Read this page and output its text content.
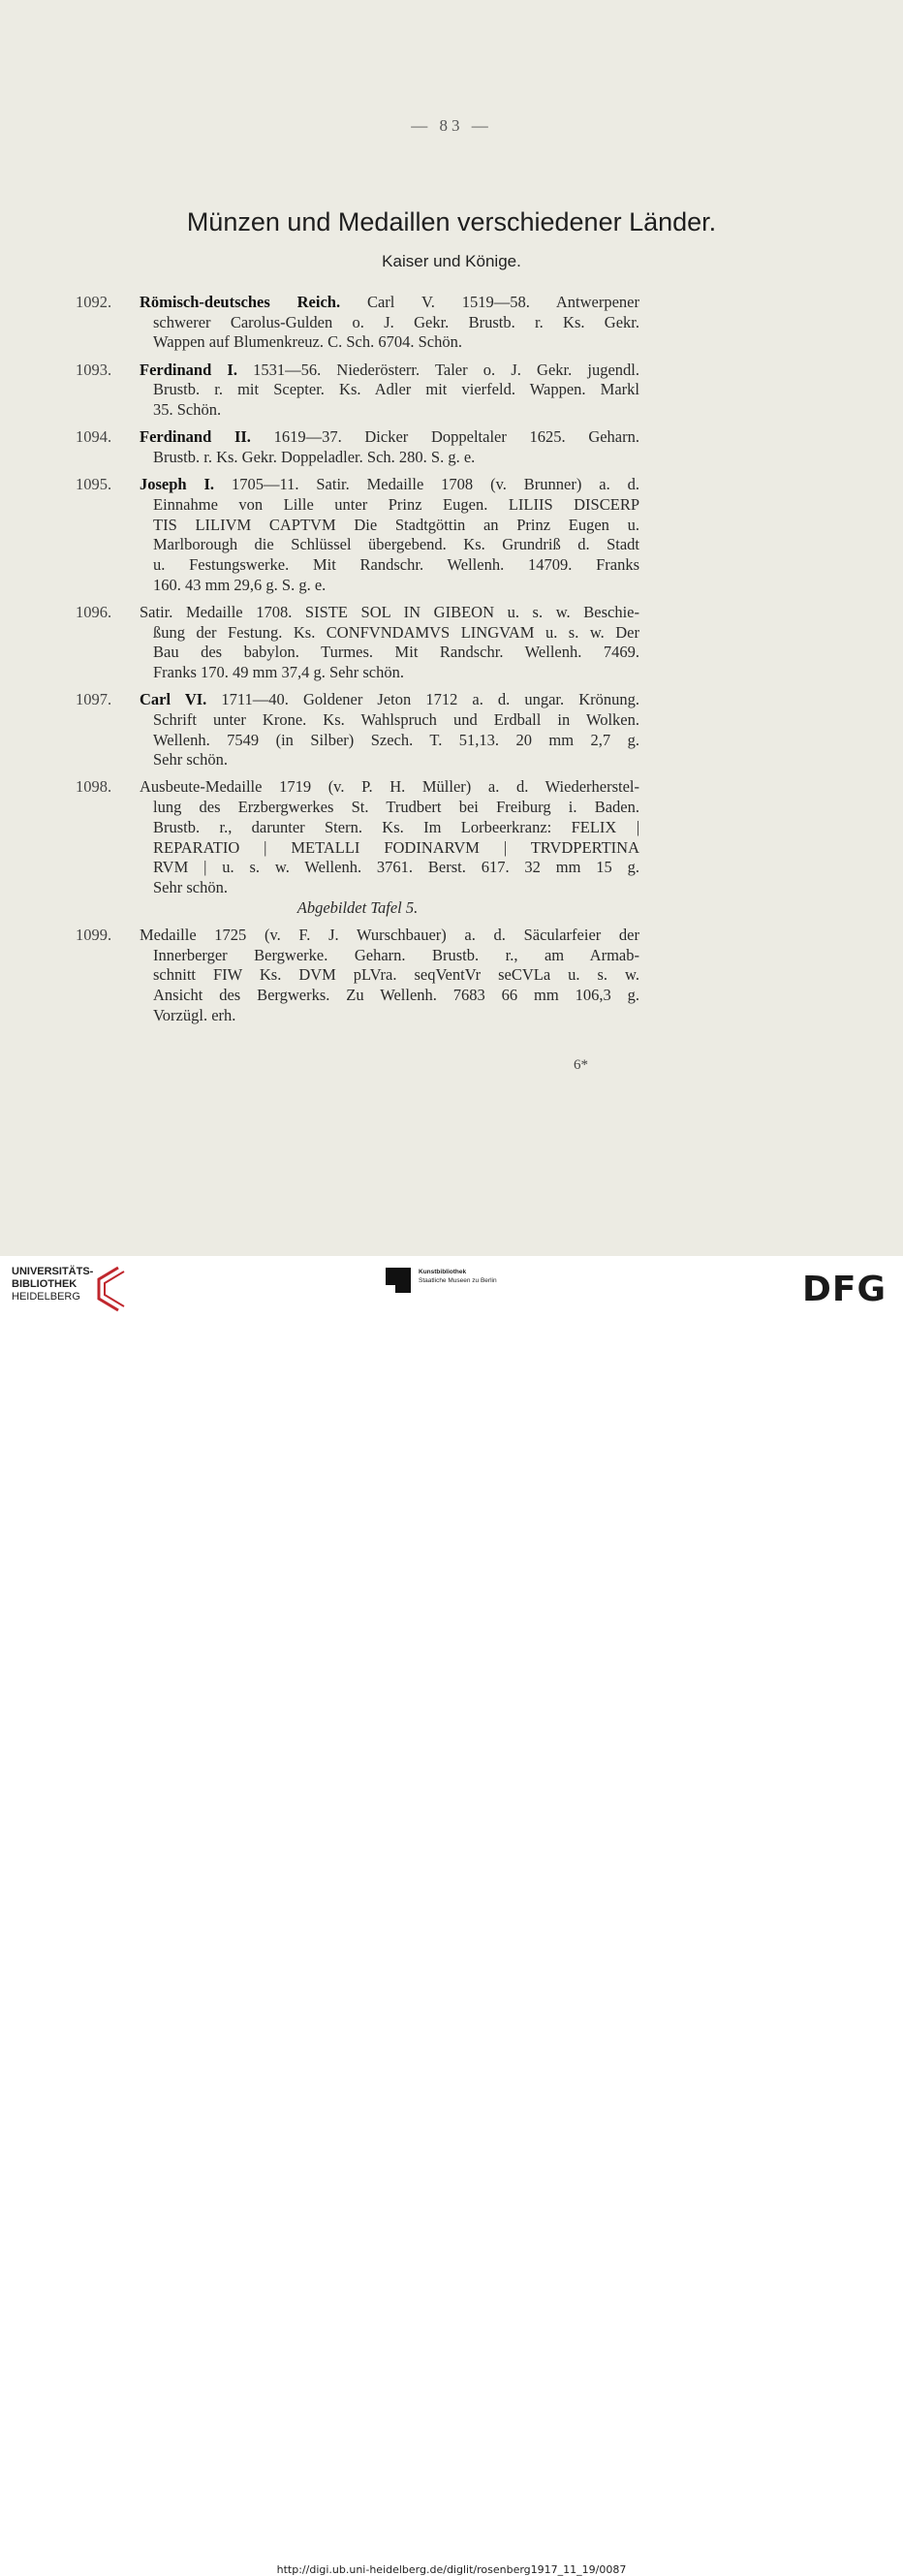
— 83 —
Münzen und Medaillen verschiedener Länder.
Kaiser und Könige.
1092. Römisch-deutsches Reich. Carl V. 1519—58. Antwerpener
schwerer Carolus-Gulden o. J. Gekr. Brustb. r. Ks. Gekr.
Wappen auf Blumenkreuz. C. Sch. 6704. Schön.
1093. Ferdinand I. 1531—56. Niederösterr. Taler o. J. Gekr. jugendl.
Brustb. r. mit Scepter. Ks. Adler mit vierfeld. Wappen. Markl
35. Schön.
1094. Ferdinand II. 1619—37. Dicker Doppeltaler 1625. Geharn.
Brustb. r. Ks. Gekr. Doppeladler. Sch. 280. S. g. e.
1095. Joseph I. 1705—11. Satir. Medaille 1708 (v. Brunner) a. d.
Einnahme von Lille unter Prinz Eugen. LILIIS DISCERP
TIS LILIVM CAPTVM Die Stadtgöttin an Prinz Eugen u.
Marlborough die Schlüssel übergebend. Ks. Grundriß d. Stadt
u. Festungswerke. Mit Randschr. Wellenh. 14709. Franks
160. 43 mm 29,6 g. S. g. e.
1096. Satir. Medaille 1708. SISTE SOL IN GIBEON u. s. w. Beschie-
ßung der Festung. Ks. CONFVNDAMVS LINGVAM u. s. w. Der
Bau des babylon. Turmes. Mit Randschr. Wellenh. 7469.
Franks 170. 49 mm 37,4 g. Sehr schön.
1097. Carl VI. 1711—40. Goldener Jeton 1712 a. d. ungar. Krönung.
Schrift unter Krone. Ks. Wahlspruch und Erdball in Wolken.
Wellenh. 7549 (in Silber) Szech. T. 51,13. 20 mm 2,7 g.
Sehr schön.
1098. Ausbeute-Medaille 1719 (v. P. H. Müller) a. d. Wiederherstel-
lung des Erzbergwerkes St. Trudbert bei Freiburg i. Baden.
Brustb. r., darunter Stern. Ks. Im Lorbeerkranz: FELIX |
REPARATIO | METALLI FODINARVM | TRVDPERTINA
RVM | u. s. w. Wellenh. 3761. Berst. 617. 32 mm 15 g.
Sehr schön.
Abgebildet Tafel 5.
1099. Medaille 1725 (v. F. J. Wurschbauer) a. d. Säcularfeier der
Innerberger Bergwerke. Geharn. Brustb. r., am Armab-
schnitt FIW Ks. DVM pLVra. seqVentVr seCVLa u. s. w.
Ansicht des Bergwerks. Zu Wellenh. 7683 66 mm 106,3 g.
Vorzügl. erh.
6*
UNIVERSITÄTS-
BIBLIOTHEK
HEIDELBERG
Kunstbibliothek
Staatliche Museen zu Berlin	DFG
http://digi.ub.uni-heidelberg.de/diglit/rosenberg1917_11_19/0087
